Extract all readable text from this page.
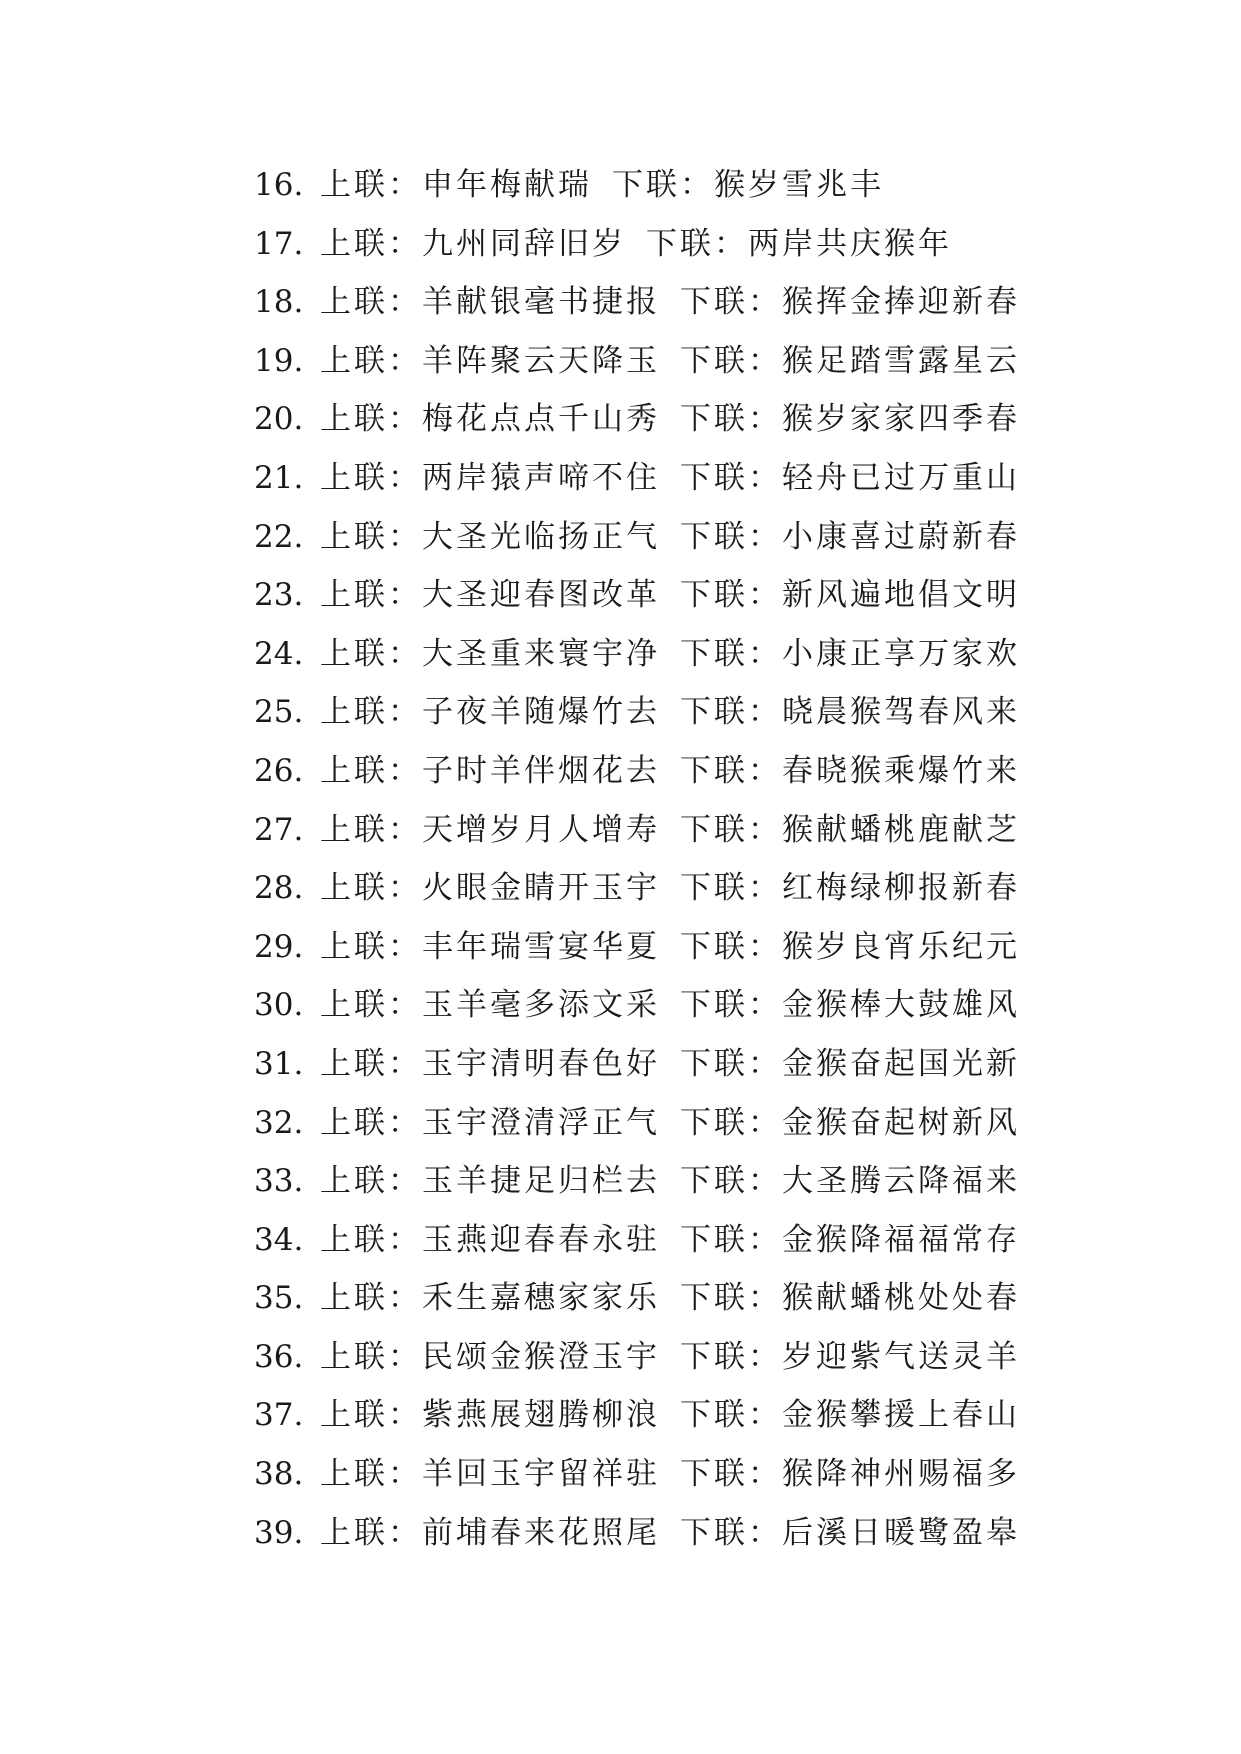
16. 上联：申年梅献瑞 下联：猴岁雪兆丰
17. 上联：九州同辞旧岁 下联：两岸共庆猴年
18. 上联：羊献银毫书捷报 下联：猴挥金捧迎新春
19. 上联：羊阵聚云天降玉 下联：猴足踏雪露星云
20. 上联：梅花点点千山秀 下联：猴岁家家四季春
21. 上联：两岸猿声啼不住 下联：轻舟已过万重山
22. 上联：大圣光临扬正气 下联：小康喜过蔚新春
23. 上联：大圣迎春图改革 下联：新风遍地倡文明
24. 上联：大圣重来寰宇净 下联：小康正享万家欢
25. 上联：子夜羊随爆竹去 下联：晓晨猴驾春风来
26. 上联：子时羊伴烟花去 下联：春晓猴乘爆竹来
27. 上联：天增岁月人增寿 下联：猴献蟠桃鹿献芝
28. 上联：火眼金睛开玉宇 下联：红梅绿柳报新春
29. 上联：丰年瑞雪宴华夏 下联：猴岁良宵乐纪元
30. 上联：玉羊毫多添文采 下联：金猴棒大鼓雄风
31. 上联：玉宇清明春色好 下联：金猴奋起国光新
32. 上联：玉宇澄清浮正气 下联：金猴奋起树新风
33. 上联：玉羊捷足归栏去 下联：大圣腾云降福来
34. 上联：玉燕迎春春永驻 下联：金猴降福福常存
35. 上联：禾生嘉穗家家乐 下联：猴献蟠桃处处春
36. 上联：民颂金猴澄玉宇 下联：岁迎紫气送灵羊
37. 上联：紫燕展翅腾柳浪 下联：金猴攀援上春山
38. 上联：羊回玉宇留祥驻 下联：猴降神州赐福多
39. 上联：前埔春来花照尾 下联：后溪日暖鹭盈皋
